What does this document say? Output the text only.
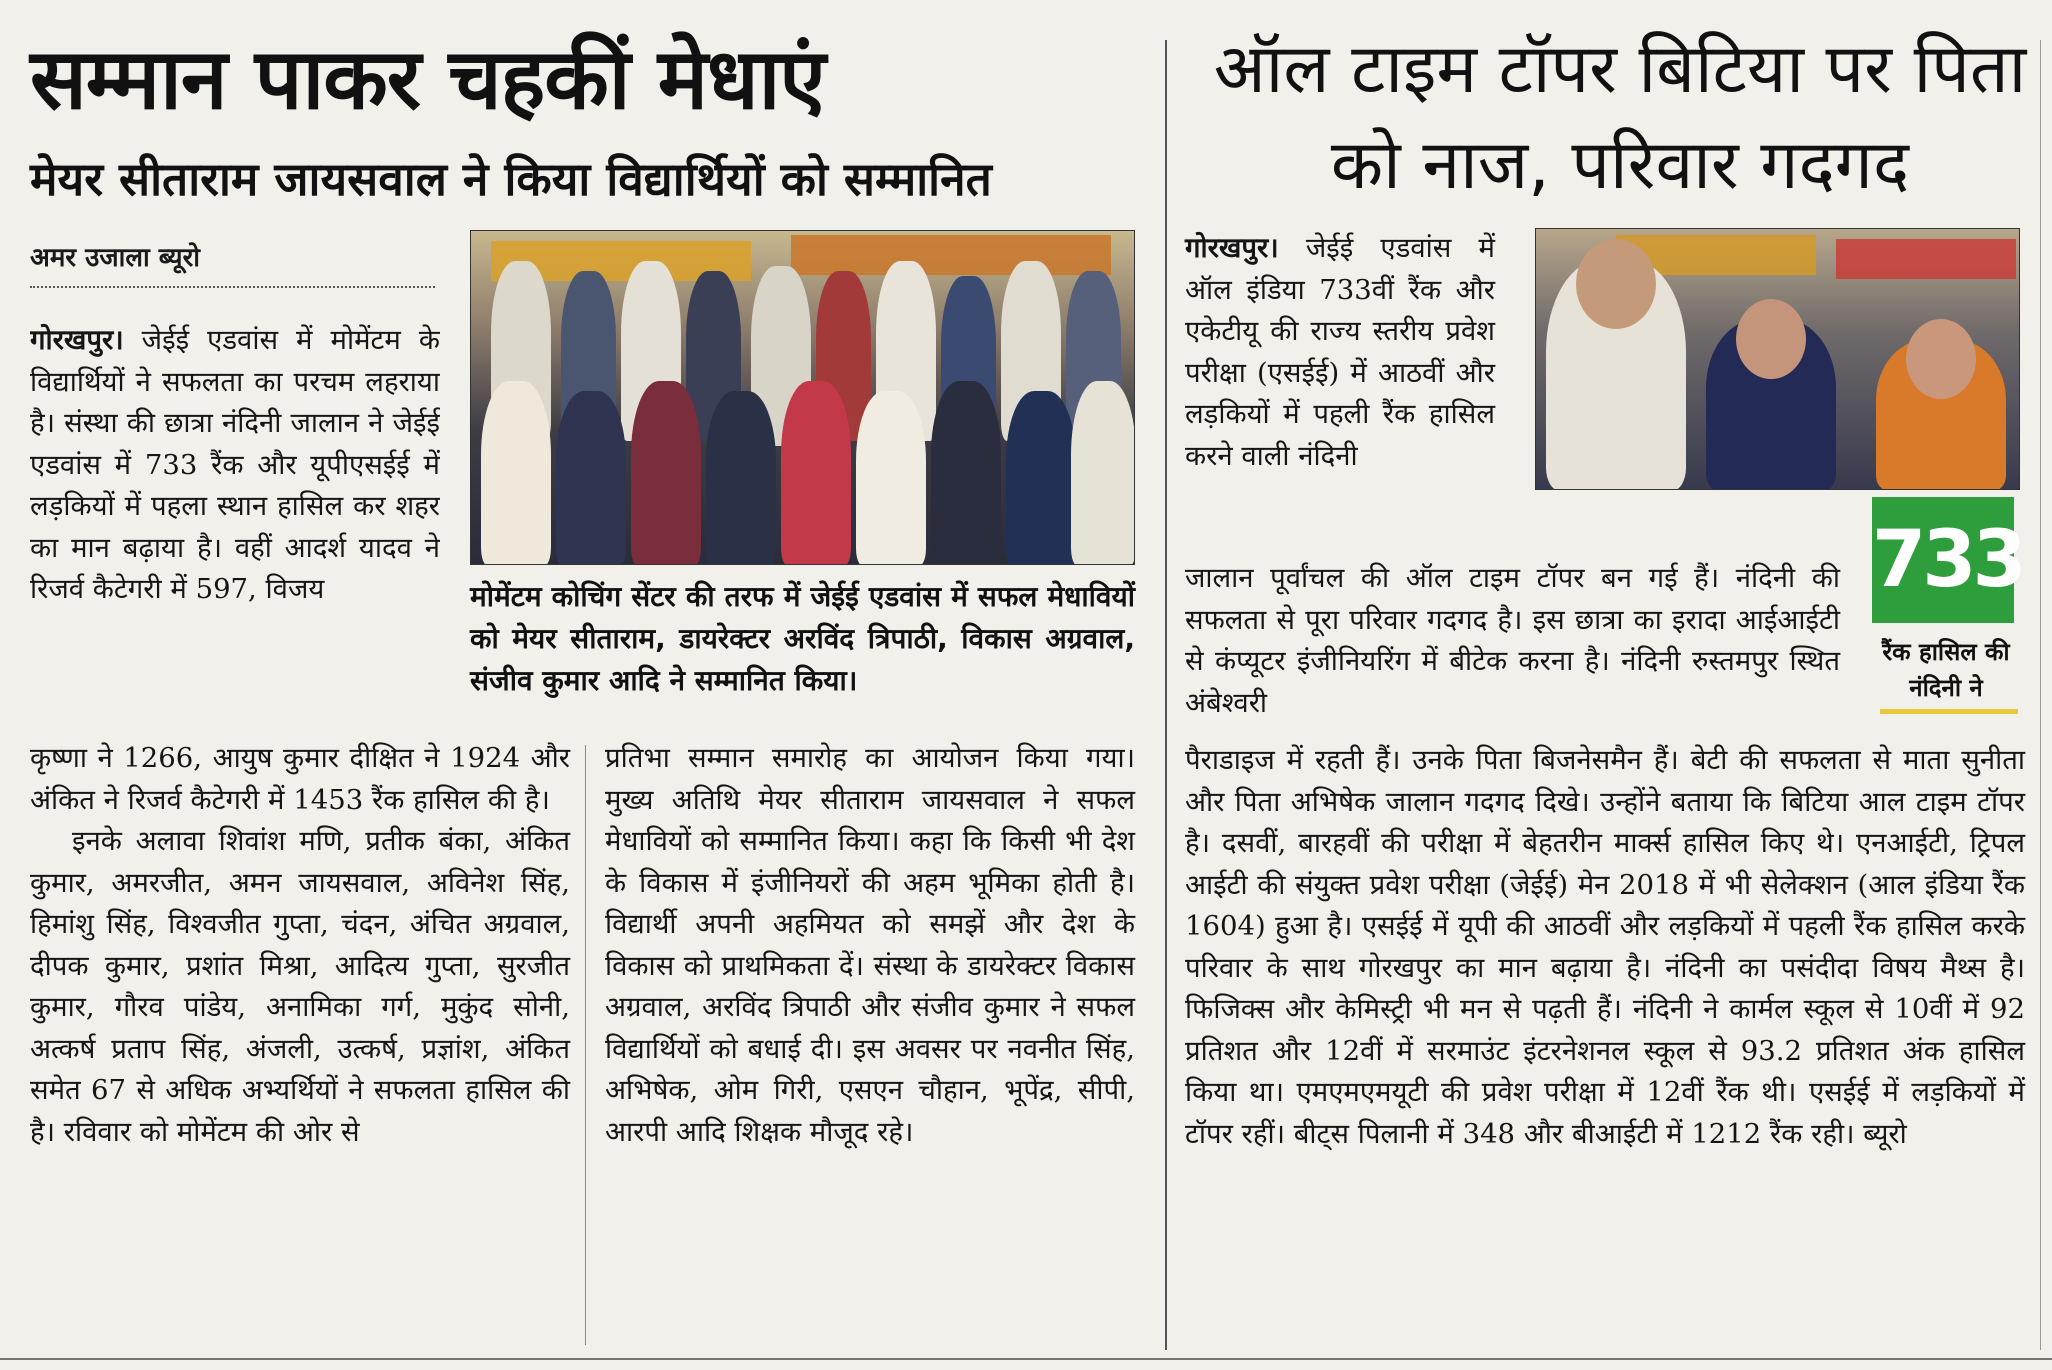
सम्मान पाकर चहकीं मेधाएं
मेयर सीताराम जायसवाल ने किया विद्यार्थियों को सम्मानित
अमर उजाला ब्यूरो

गोरखपुर। जेईई एडवांस में मोमेंटम के विद्यार्थियों ने सफलता का परचम लहराया है। संस्था की छात्रा नंदिनी जालान ने जेईई एडवांस में 733 रैंक और यूपीएसईई में लड़कियों में पहला स्थान हासिल कर शहर का मान बढ़ाया है। वहीं आदर्श यादव ने रिजर्व कैटेगरी में 597, विजय	मोमेंटम कोचिंग सेंटर की तरफ में जेईई एडवांस में सफल मेधावियों को मेयर सीताराम, डायरेक्टर अरविंद त्रिपाठी, विकास अग्रवाल, संजीव कुमार आदि ने सम्मानित किया।

कृष्णा ने 1266, आयुष कुमार दीक्षित ने 1924 और अंकित ने रिजर्व कैटेगरी में 1453 रैंक हासिल की है।

इनके अलावा शिवांश मणि, प्रतीक बंका, अंकित कुमार, अमरजीत, अमन जायसवाल, अविनेश सिंह, हिमांशु सिंह, विश्वजीत गुप्ता, चंदन, अंचित अग्रवाल, दीपक कुमार, प्रशांत मिश्रा, आदित्य गुप्ता, सुरजीत कुमार, गौरव पांडेय, अनामिका गर्ग, मुकुंद सोनी, अत्कर्ष प्रताप सिंह, अंजली, उत्कर्ष, प्रज्ञांश, अंकित समेत 67 से अधिक अभ्यर्थियों ने सफलता हासिल की है। रविवार को मोमेंटम की ओर से

प्रतिभा सम्मान समारोह का आयोजन किया गया। मुख्य अतिथि मेयर सीताराम जायसवाल ने सफल मेधावियों को सम्मानित किया। कहा कि किसी भी देश के विकास में इंजीनियरों की अहम भूमिका होती है। विद्यार्थी अपनी अहमियत को समझें और देश के विकास को प्राथमिकता दें। संस्था के डायरेक्टर विकास अग्रवाल, अरविंद त्रिपाठी और संजीव कुमार ने सफल विद्यार्थियों को बधाई दी। इस अवसर पर नवनीत सिंह, अभिषेक, ओम गिरी, एसएन चौहान, भूपेंद्र, सीपी, आरपी आदि शिक्षक मौजूद रहे।
ऑल टाइम टॉपर बिटिया पर पिता को नाज, परिवार गदगद

गोरखपुर। जेईई एडवांस में ऑल इंडिया 733वीं रैंक और एकेटीयू की राज्य स्तरीय प्रवेश परीक्षा (एसईई) में आठवीं और लड़कियों में पहली रैंक हासिल करने वाली नंदिनी

733
रैंक हासिल की नंदिनी ने
जालान पूर्वांचल की ऑल टाइम टॉपर बन गई हैं। नंदिनी की सफलता से पूरा परिवार गदगद है। इस छात्रा का इरादा आईआईटी से कंप्यूटर इंजीनियरिंग में बीटेक करना है। नंदिनी रुस्तमपुर स्थित अंबेश्वरी
पैराडाइज में रहती हैं। उनके पिता बिजनेसमैन हैं। बेटी की सफलता से माता सुनीता और पिता अभिषेक जालान गदगद दिखे। उन्होंने बताया कि बिटिया आल टाइम टॉपर है। दसवीं, बारहवीं की परीक्षा में बेहतरीन मार्क्स हासिल किए थे। एनआईटी, ट्रिपल आईटी की संयुक्त प्रवेश परीक्षा (जेईई) मेन 2018 में भी सेलेक्शन (आल इंडिया रैंक 1604) हुआ है। एसईई में यूपी की आठवीं और लड़कियों में पहली रैंक हासिल करके परिवार के साथ गोरखपुर का मान बढ़ाया है। नंदिनी का पसंदीदा विषय मैथ्स है। फिजिक्स और केमिस्ट्री भी मन से पढ़ती हैं। नंदिनी ने कार्मल स्कूल से 10वीं में 92 प्रतिशत और 12वीं में सरमाउंट इंटरनेशनल स्कूल से 93.2 प्रतिशत अंक हासिल किया था। एमएमएमयूटी की प्रवेश परीक्षा में 12वीं रैंक थी। एसईई में लड़कियों में टॉपर रहीं। बीट्स पिलानी में 348 और बीआईटी में 1212 रैंक रही। ब्यूरो
